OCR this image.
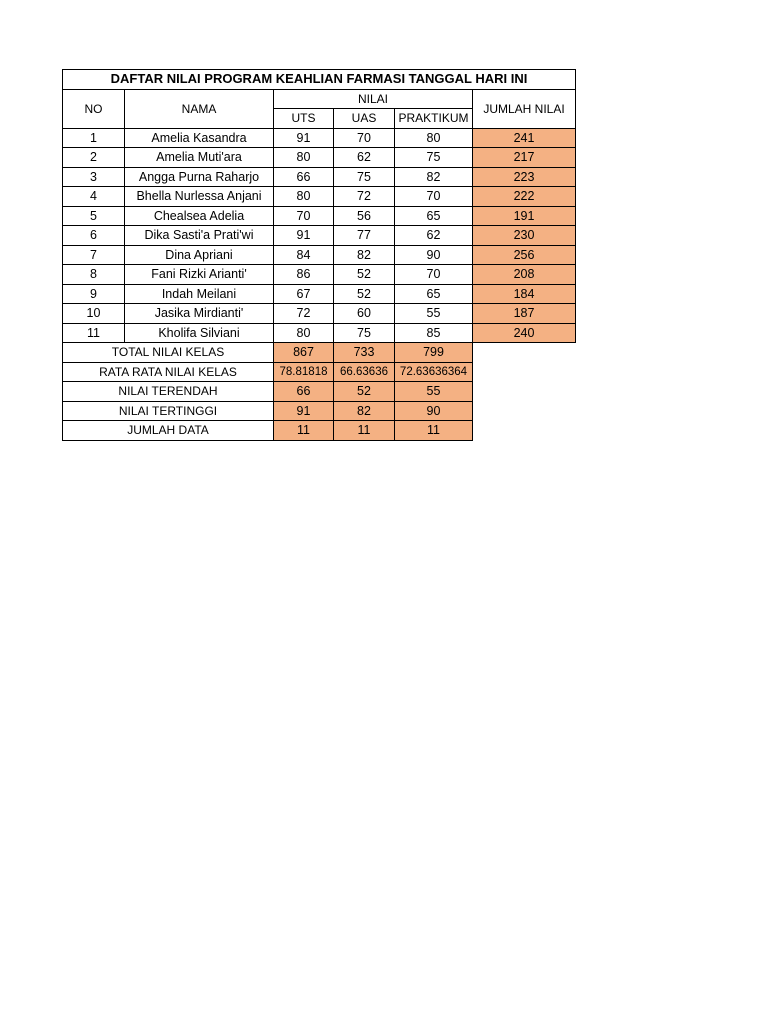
DAFTAR NILAI PROGRAM KEAHLIAN FARMASI TANGGAL HARI INI					
NO	NAMA	NILAI			JUMLAH NILAI
		UTS	UAS	PRAKTIKUM	
1	Amelia Kasandra	91	70	80	241
2	Amelia Muti'ara	80	62	75	217
3	Angga Purna Raharjo	66	75	82	223
4	Bhella Nurlessa Anjani	80	72	70	222
5	Chealsea Adelia	70	56	65	191
6	Dika Sasti'a Prati'wi	91	77	62	230
7	Dina Apriani	84	82	90	256
8	Fani Rizki Arianti'	86	52	70	208
9	Indah Meilani	67	52	65	184
10	Jasika Mirdianti'	72	60	55	187
11	Kholifa Silviani	80	75	85	240
TOTAL NILAI KELAS		867	733	799	
RATA RATA NILAI KELAS		78.81818	66.63636	72.63636364	
NILAI TERENDAH		66	52	55	
NILAI TERTINGGI		91	82	90	
JUMLAH DATA		11	11	11	
